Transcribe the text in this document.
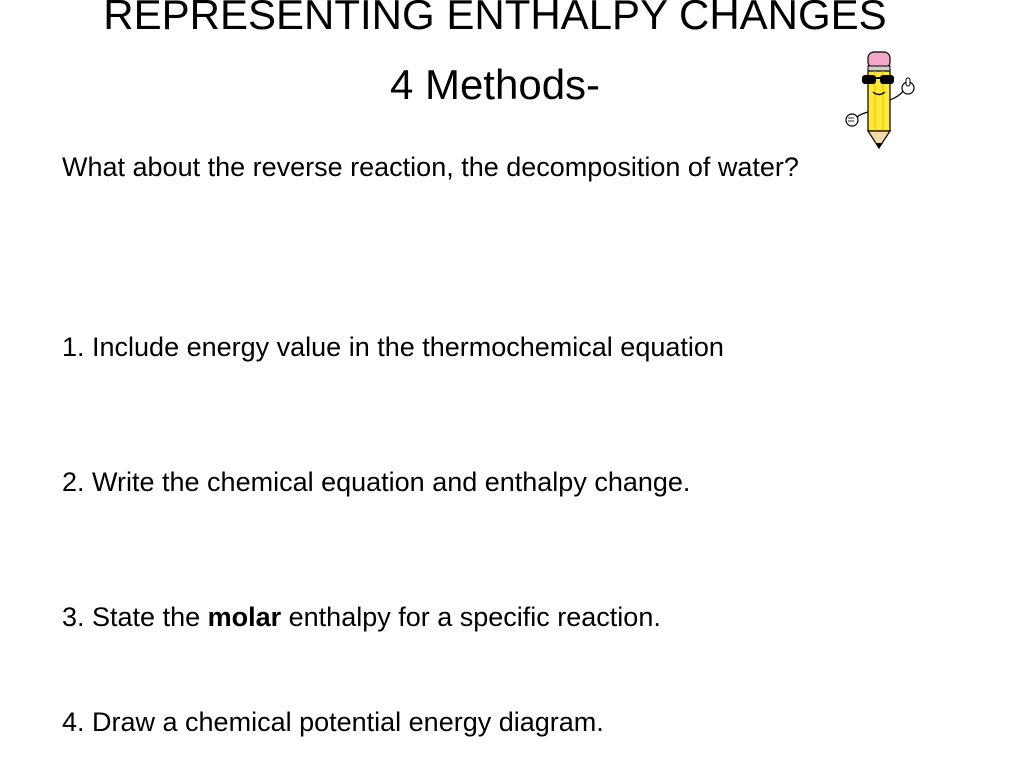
REPRESENTING ENTHALPY CHANGES
4 Methods-

What about the reverse reaction, the decomposition of water?

1. Include energy value in the thermochemical equation

2. Write the chemical equation and enthalpy change.

3. State the molar enthalpy for a specific reaction.

4. Draw a chemical potential energy diagram.
